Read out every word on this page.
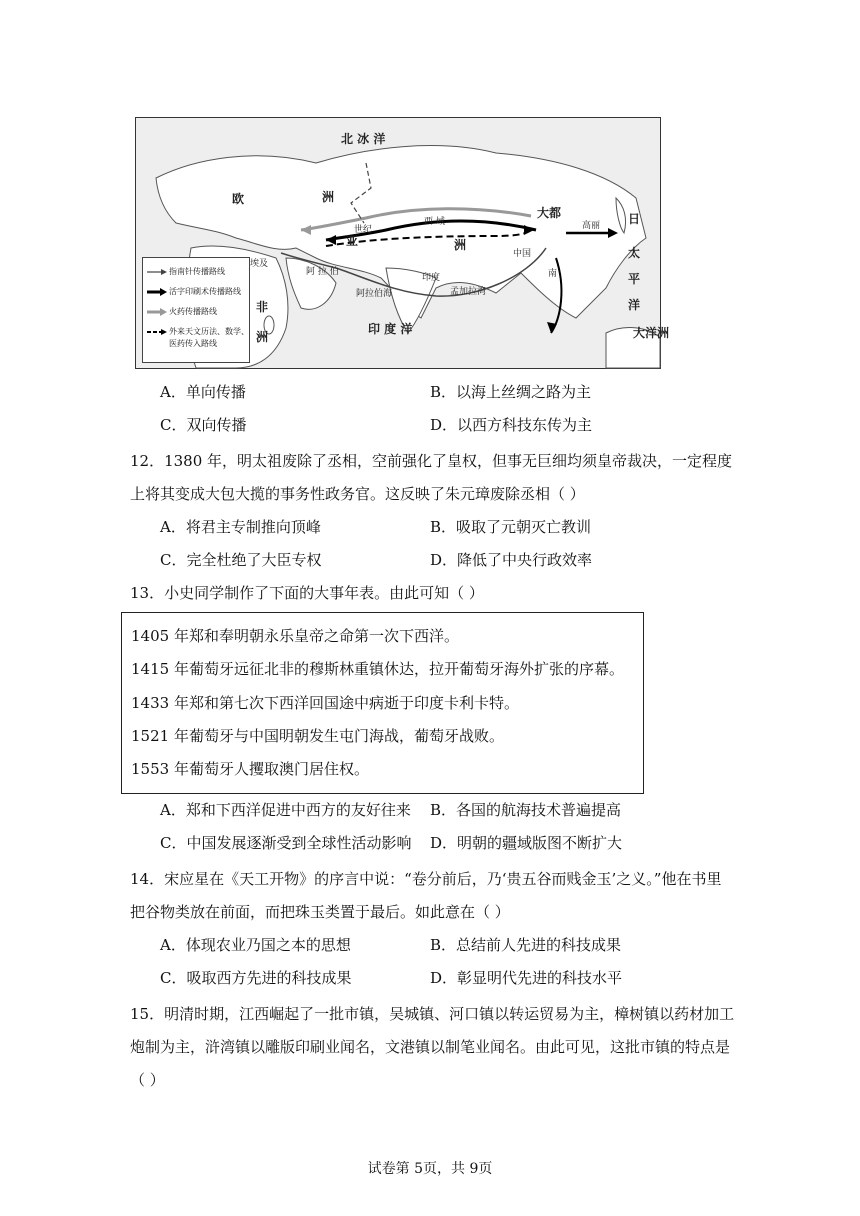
北 冰 洋
欧	洲
世纪
西 域
大都
高丽 日
亚	洲
中国	太
平
洋
埃及
阿 拉 伯
印度
孟加拉湾
阿拉伯海
南
非
洲
印 度 洋	大洋洲
指南针传播路线
活字印刷术传播路线
火药传播路线
外来天文历法、数学、
医药传入路线
A．单向传播	B．以海上丝绸之路为主
C．双向传播	D．以西方科技东传为主
12．1380 年，明太祖废除了丞相，空前强化了皇权，但事无巨细均须皇帝裁决，一定程度
上将其变成大包大揽的事务性政务官。这反映了朱元璋废除丞相（ ）
A．将君主专制推向顶峰	B．吸取了元朝灭亡教训
C．完全杜绝了大臣专权	D．降低了中央行政效率
13．小史同学制作了下面的大事年表。由此可知（ ）
1405 年郑和奉明朝永乐皇帝之命第一次下西洋。
1415 年葡萄牙远征北非的穆斯林重镇休达，拉开葡萄牙海外扩张的序幕。
1433 年郑和第七次下西洋回国途中病逝于印度卡利卡特。
1521 年葡萄牙与中国明朝发生屯门海战，葡萄牙战败。
1553 年葡萄牙人攫取澳门居住权。
A．郑和下西洋促进中西方的友好往来 B．各国的航海技术普遍提高
C．中国发展逐渐受到全球性活动影响 D．明朝的疆域版图不断扩大
14．宋应星在《天工开物》的序言中说：“卷分前后，乃‘贵五谷而贱金玉’之义。”他在书里
把谷物类放在前面，而把珠玉类置于最后。如此意在（ ）
A．体现农业乃国之本的思想	B．总结前人先进的科技成果
C．吸取西方先进的科技成果	D．彰显明代先进的科技水平
15．明清时期，江西崛起了一批市镇，吴城镇、河口镇以转运贸易为主，樟树镇以药材加工
炮制为主，浒湾镇以雕版印刷业闻名，文港镇以制笔业闻名。由此可见，这批市镇的特点是
（ ）
试卷第 5页，共 9页
